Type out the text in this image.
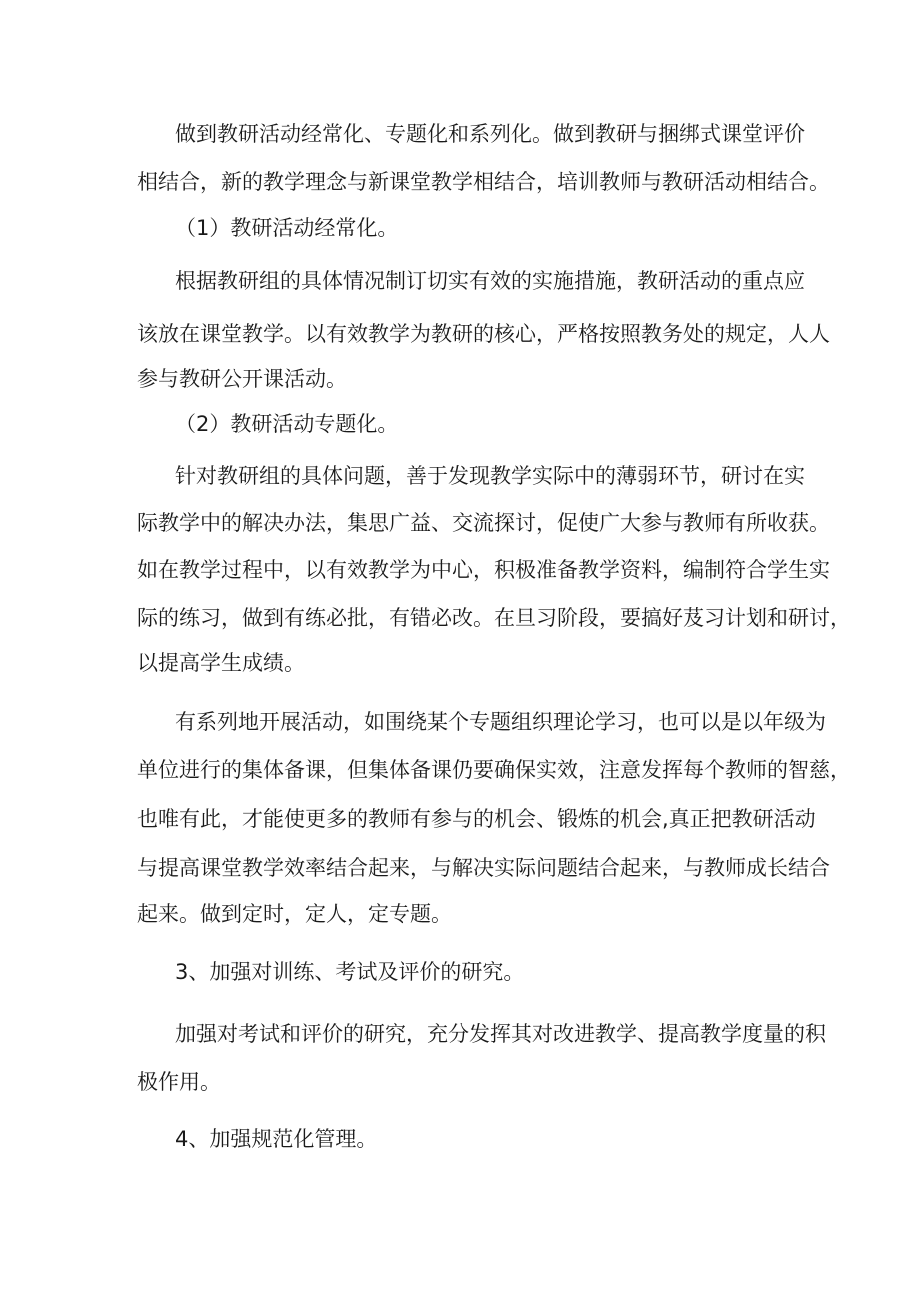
做到教研活动经常化、专题化和系列化。做到教研与捆绑式课堂评价

相结合，新的教学理念与新课堂教学相结合，培训教师与教研活动相结合。

（1）教研活动经常化。

根据教研组的具体情况制订切实有效的实施措施，教研活动的重点应

该放在课堂教学。以有效教学为教研的核心，严格按照教务处的规定，人人

参与教研公开课活动。

（2）教研活动专题化。

针对教研组的具体问题，善于发现教学实际中的薄弱环节，研讨在实

际教学中的解决办法，集思广益、交流探讨，促使广大参与教师有所收获。

如在教学过程中，以有效教学为中心，积极准备教学资料，编制符合学生实

际的练习，做到有练必批，有错必改。在旦习阶段，要搞好芨习计划和研讨，

以提高学生成绩。

有系列地开展活动，如围绕某个专题组织理论学习，也可以是以年级为

单位进行的集体备课，但集体备课仍要确保实效，注意发挥每个教师的智慈，

也唯有此，才能使更多的教师有参与的机会、锻炼的机会,真正把教研活动

与提高课堂教学效率结合起来，与解决实际问题结合起来，与教师成长结合

起来。做到定时，定人，定专题。

3、加强对训练、考试及评价的研究。

加强对考试和评价的研究，充分发挥其对改进教学、提高教学度量的积

极作用。

4、加强规范化管理。
